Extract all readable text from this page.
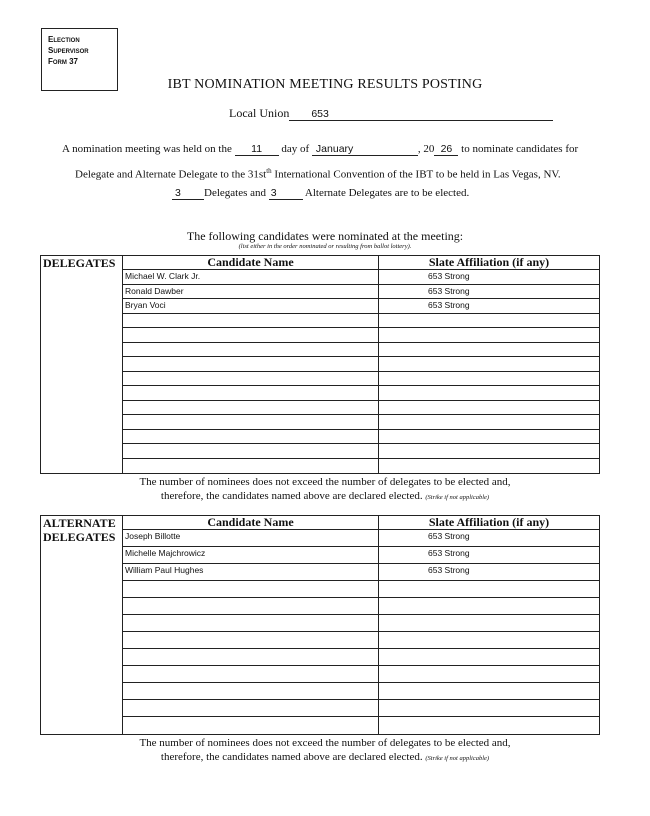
Election
Supervisor
Form 37
IBT NOMINATION MEETING RESULTS POSTING
Local Union 653
A nomination meeting was held on the 11 day of January	, 20 26 to nominate candidates for
Delegate and Alternate Delegate to the $31st^{th}$ International Convention of the IBT to be held in Las Vegas, NV.
3 Delegates and 3	Alternate Delegates are to be elected.
The following candidates were nominated at the meeting:
(list either in the order nominated or resulting from ballot lottery).
DELEGATES	Candidate Name	Slate Affiliation (if any)
Michael W. Clark Jr.	653 Strong
Ronald Dawber	653 Strong
Bryan Voci	653 Strong
The number of nominees does not exceed the number of delegates to be elected and,
therefore, the candidates named above are declared elected. (Strike if not applicable)
ALTERNATE
DELEGATES
Candidate Name	Slate Affiliation (if any)
Joseph Billotte	653 Strong
Michelle Majchrowicz	653 Strong
William Paul Hughes	653 Strong
The number of nominees does not exceed the number of delegates to be elected and,
therefore, the candidates named above are declared elected. (Strike if not applicable)
